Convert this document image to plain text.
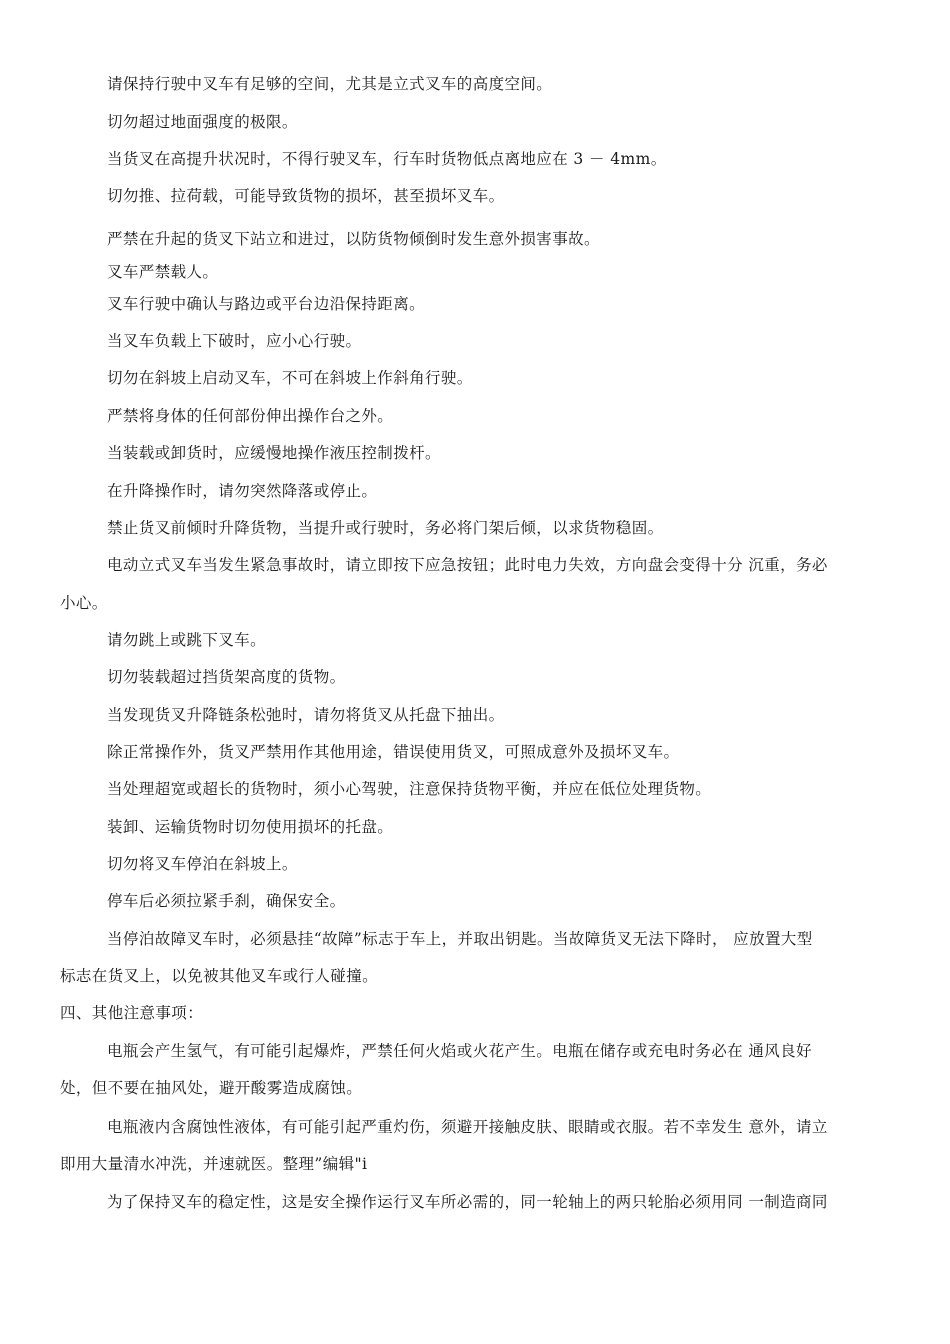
请保持行驶中叉车有足够的空间，尤其是立式叉车的高度空间。
切勿超过地面强度的极限。
当货叉在高提升状况时，不得行驶叉车，行车时货物低点离地应在 3 － 4mm。
切勿推、拉荷载，可能导致货物的损坏，甚至损坏叉车。
严禁在升起的货叉下站立和进过，以防货物倾倒时发生意外损害事故。
叉车严禁载人。
叉车行驶中确认与路边或平台边沿保持距离。
当叉车负载上下破时，应小心行驶。
切勿在斜坡上启动叉车，不可在斜坡上作斜角行驶。
严禁将身体的任何部份伸出操作台之外。
当装载或卸货时，应缓慢地操作液压控制拨杆。
在升降操作时，请勿突然降落或停止。
禁止货叉前倾时升降货物，当提升或行驶时，务必将门架后倾，以求货物稳固。
电动立式叉车当发生紧急事故时，请立即按下应急按钮；此时电力失效，方向盘会变得十分 沉重，务必
小心。
请勿跳上或跳下叉车。
切勿装载超过挡货架高度的货物。
当发现货叉升降链条松弛时，请勿将货叉从托盘下抽出。
除正常操作外，货叉严禁用作其他用途，错误使用货叉，可照成意外及损坏叉车。
当处理超宽或超长的货物时，须小心驾驶，注意保持货物平衡，并应在低位处理货物。
装卸、运输货物时切勿使用损坏的托盘。
切勿将叉车停泊在斜坡上。
停车后必须拉紧手刹，确保安全。
当停泊故障叉车时，必须悬挂“故障”标志于车上，并取出钥匙。当故障货叉无法下降时， 应放置大型
标志在货叉上，以免被其他叉车或行人碰撞。
四、其他注意事项：
电瓶会产生氢气，有可能引起爆炸，严禁任何火焰或火花产生。电瓶在储存或充电时务必在 通风良好
处，但不要在抽风处，避开酸雾造成腐蚀。
电瓶液内含腐蚀性液体，有可能引起严重灼伤，须避开接触皮肤、眼睛或衣服。若不幸发生 意外，请立
即用大量清水冲洗，并速就医。整理”编辑"i
为了保持叉车的稳定性，这是安全操作运行叉车所必需的，同一轮轴上的两只轮胎必须用同 一制造商同
